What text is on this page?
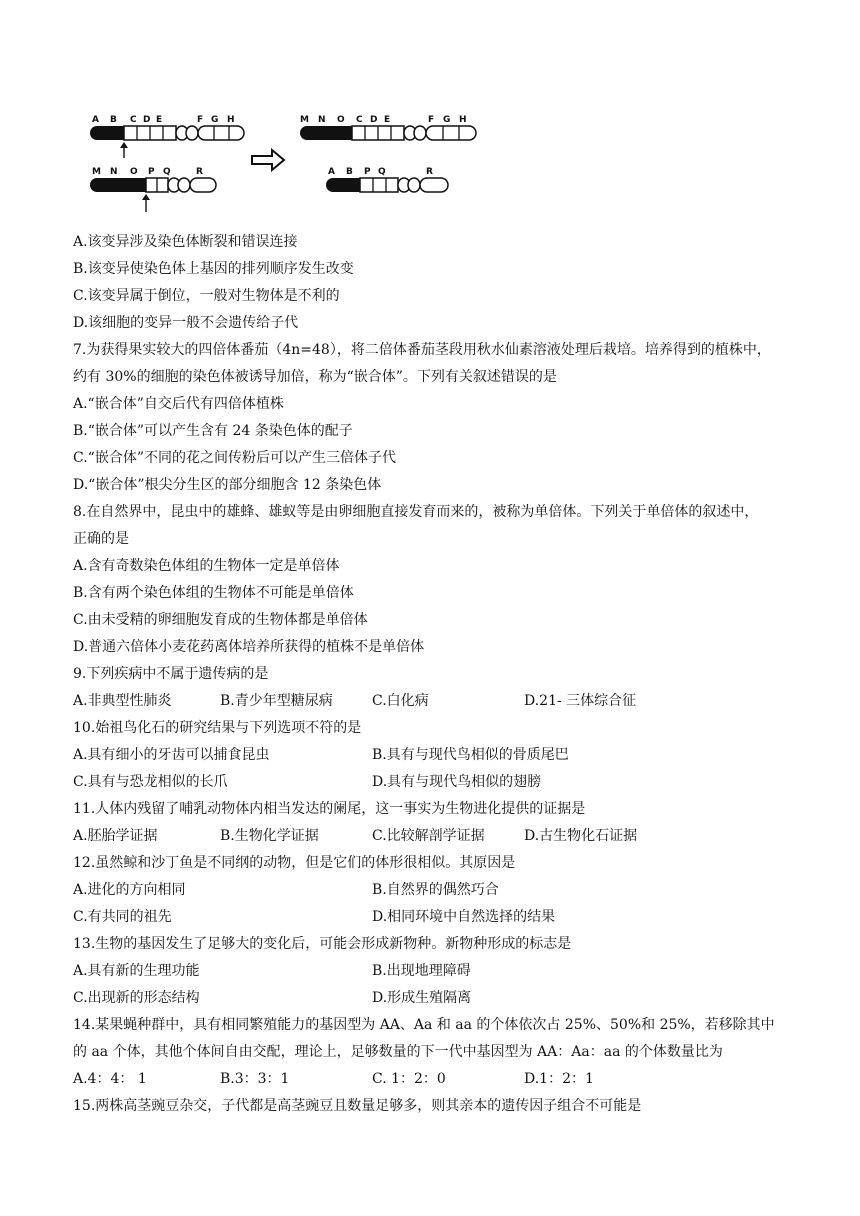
A B C D E	F G H
M N O P Q	R
M N O C D E	F G H
A B P Q	R
A.该变异涉及染色体断裂和错误连接
B.该变异使染色体上基因的排列顺序发生改变
C.该变异属于倒位，一般对生物体是不利的
D.该细胞的变异一般不会遗传给子代
7.为获得果实较大的四倍体番茄（4n=48），将二倍体番茄茎段用秋水仙素溶液处理后栽培。培养得到的植株中，
约有 30%的细胞的染色体被诱导加倍，称为“嵌合体”。下列有关叙述错误的是
A.“嵌合体”自交后代有四倍体植株
B.“嵌合体”可以产生含有 24 条染色体的配子
C.“嵌合体”不同的花之间传粉后可以产生三倍体子代
D.“嵌合体”根尖分生区的部分细胞含 12 条染色体
8.在自然界中，昆虫中的雄蜂、雄蚁等是由卵细胞直接发育而来的，被称为单倍体。下列关于单倍体的叙述中，
正确的是
A.含有奇数染色体组的生物体一定是单倍体
B.含有两个染色体组的生物体不可能是单倍体
C.由未受精的卵细胞发育成的生物体都是单倍体
D.普通六倍体小麦花药离体培养所获得的植株不是单倍体
9.下列疾病中不属于遗传病的是
A.非典型性肺炎	B.青少年型糖尿病	C.白化病	D.21- 三体综合征
10.始祖鸟化石的研究结果与下列选项不符的是
A.具有细小的牙齿可以捕食昆虫	B.具有与现代鸟相似的骨质尾巴
C.具有与恐龙相似的长爪	D.具有与现代鸟相似的翅膀
11.人体内残留了哺乳动物体内相当发达的阑尾，这一事实为生物进化提供的证据是
A.胚胎学证据	B.生物化学证据	C.比较解剖学证据	D.古生物化石证据
12.虽然鲸和沙丁鱼是不同纲的动物，但是它们的体形很相似。其原因是
A.进化的方向相同	B.自然界的偶然巧合
C.有共同的祖先	D.相同环境中自然选择的结果
13.生物的基因发生了足够大的变化后，可能会形成新物种。新物种形成的标志是
A.具有新的生理功能	B.出现地理障碍
C.出现新的形态结构	D.形成生殖隔离
14.某果蝇种群中，具有相同繁殖能力的基因型为 AA、Aa 和 aa 的个体依次占 25%、50%和 25%，若移除其中
的 aa 个体，其他个体间自由交配，理论上，足够数量的下一代中基因型为 AA：Aa：aa 的个体数量比为
A.4：4： 1	B.3：3：1	C. 1：2：0	D.1：2：1
15.两株高茎豌豆杂交，子代都是高茎豌豆且数量足够多，则其亲本的遗传因子组合不可能是
